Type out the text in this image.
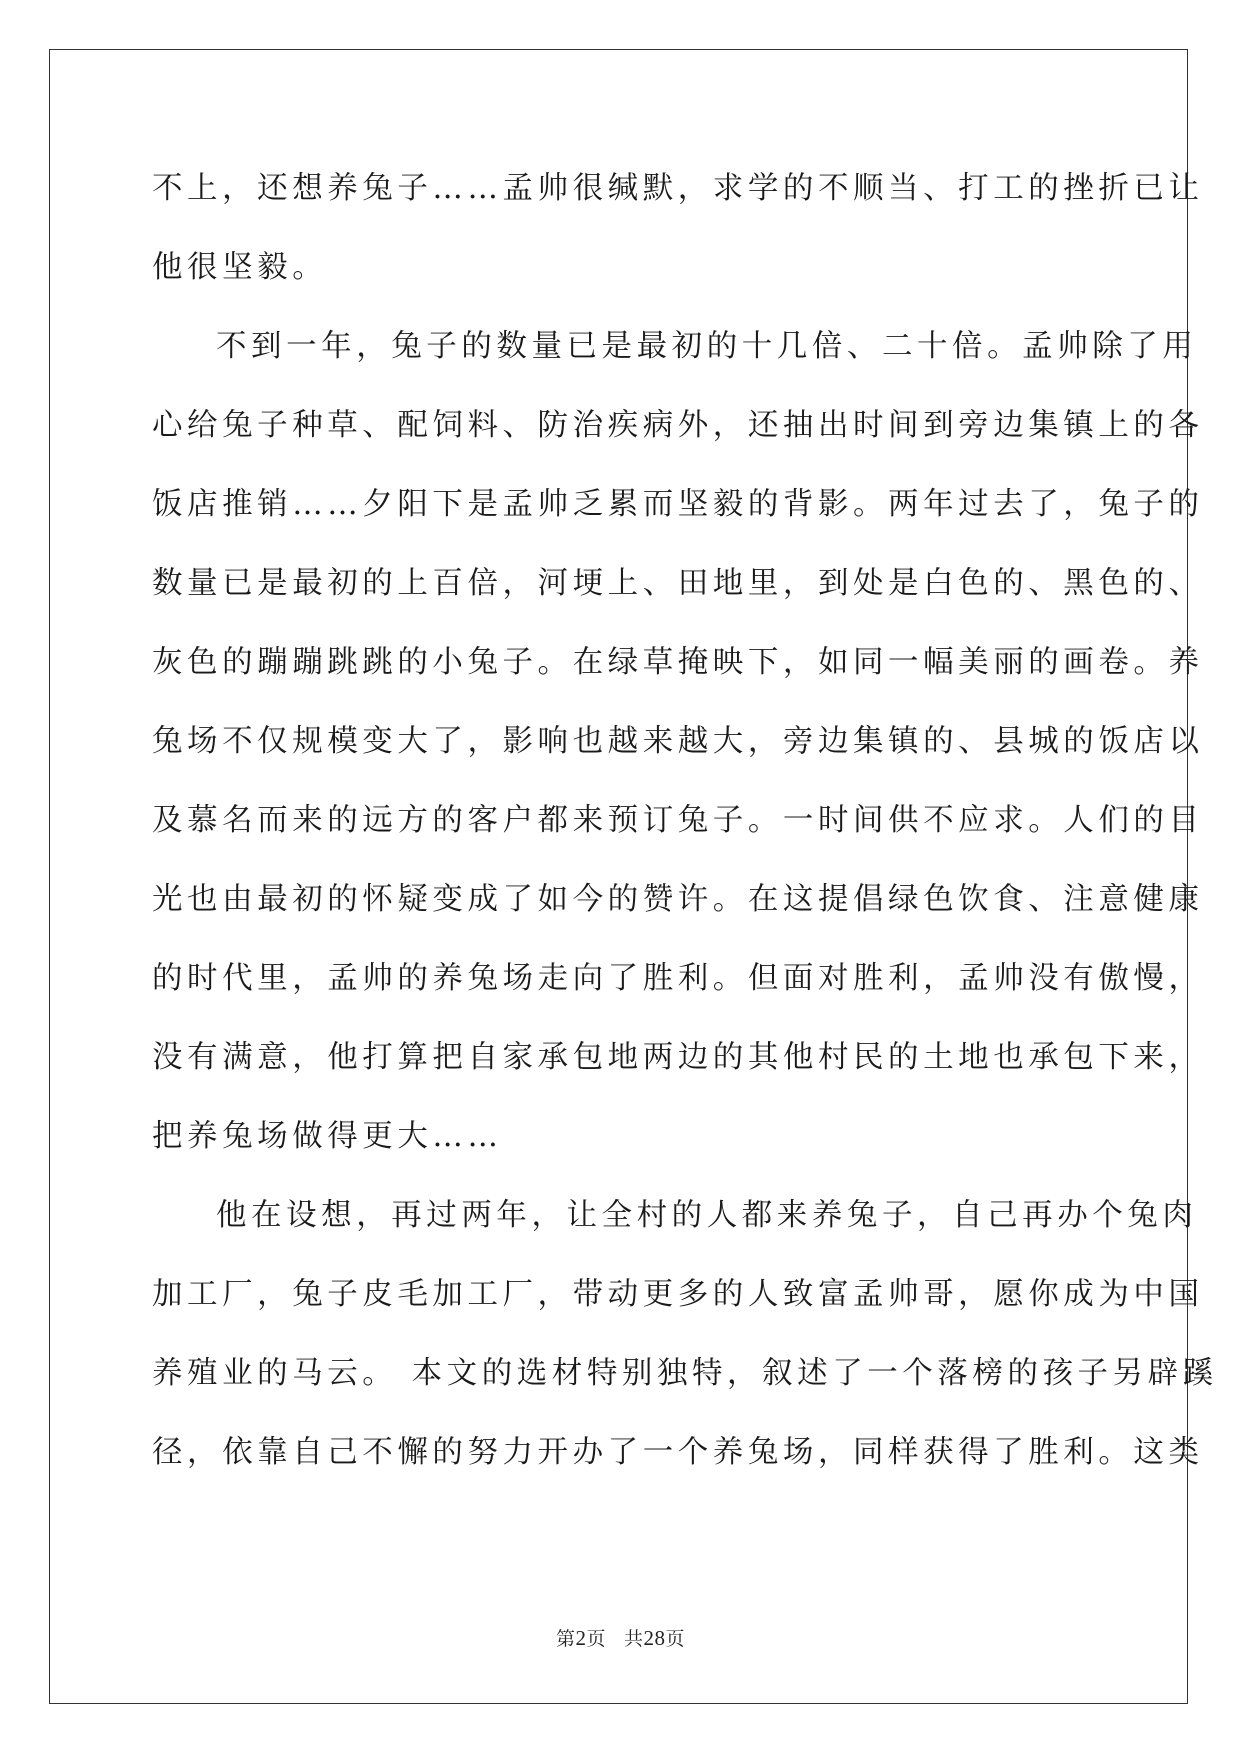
不上，还想养兔子……孟帅很缄默，求学的不顺当、打工的挫折已让
他很坚毅。
不到一年，兔子的数量已是最初的十几倍、二十倍。孟帅除了用
心给兔子种草、配饲料、防治疾病外，还抽出时间到旁边集镇上的各
饭店推销……夕阳下是孟帅乏累而坚毅的背影。两年过去了，兔子的
数量已是最初的上百倍，河埂上、田地里，到处是白色的、黑色的、
灰色的蹦蹦跳跳的小兔子。在绿草掩映下，如同一幅美丽的画卷。养
兔场不仅规模变大了，影响也越来越大，旁边集镇的、县城的饭店以
及慕名而来的远方的客户都来预订兔子。一时间供不应求。人们的目
光也由最初的怀疑变成了如今的赞许。在这提倡绿色饮食、注意健康
的时代里，孟帅的养兔场走向了胜利。但面对胜利，孟帅没有傲慢，
没有满意，他打算把自家承包地两边的其他村民的土地也承包下来，
把养兔场做得更大……
他在设想，再过两年，让全村的人都来养兔子，自己再办个兔肉
加工厂，兔子皮毛加工厂，带动更多的人致富孟帅哥，愿你成为中国
养殖业的马云。 本文的选材特别独特，叙述了一个落榜的孩子另辟蹊
径，依靠自己不懈的努力开办了一个养兔场，同样获得了胜利。这类
第2页 共28页
